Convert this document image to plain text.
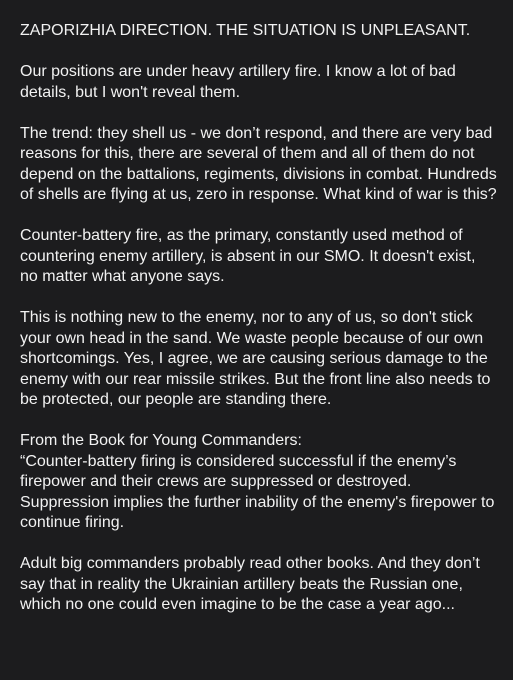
ZAPORIZHIA DIRECTION. THE SITUATION IS UNPLEASANT.

Our positions are under heavy artillery fire. I know a lot of bad details, but I won't reveal them.

The trend: they shell us - we don’t respond, and there are very bad reasons for this, there are several of them and all of them do not depend on the battalions, regiments, divisions in combat. Hundreds of shells are flying at us, zero in response. What kind of war is this?

Counter-battery fire, as the primary, constantly used method of countering enemy artillery, is absent in our SMO. It doesn't exist, no matter what anyone says.

This is nothing new to the enemy, nor to any of us, so don't stick your own head in the sand. We waste people because of our own shortcomings. Yes, I agree, we are causing serious damage to the enemy with our rear missile strikes. But the front line also needs to be protected, our people are standing there.

From the Book for Young Commanders:
“Counter-battery firing is considered successful if the enemy’s firepower and their crews are suppressed or destroyed. Suppression implies the further inability of the enemy's firepower to continue firing.

Adult big commanders probably read other books. And they don’t say that in reality the Ukrainian artillery beats the Russian one, which no one could even imagine to be the case a year ago...
